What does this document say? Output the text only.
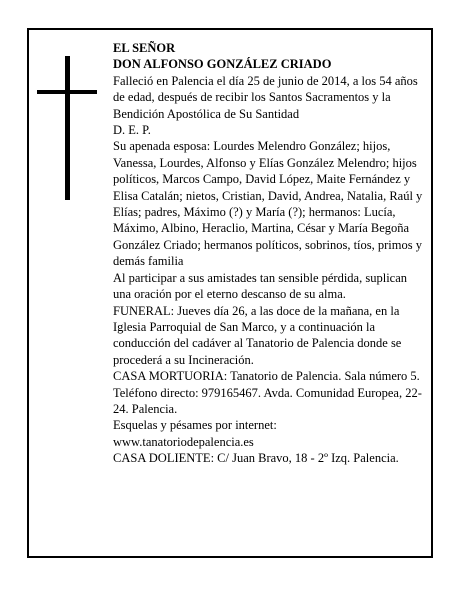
EL SEÑOR

DON ALFONSO GONZÁLEZ CRIADO

Falleció en Palencia el día 25 de junio de 2014, a los 54 años de edad, después de recibir los Santos Sacramentos y la Bendición Apostólica de Su Santidad

D. E. P.

Su apenada esposa: Lourdes Melendro González; hijos, Vanessa, Lourdes, Alfonso y Elías González Melendro; hijos políticos, Marcos Campo, David López, Maite Fernández y Elisa Catalán; nietos, Cristian, David, Andrea, Natalia, Raúl y Elías; padres, Máximo (?) y María (?); hermanos: Lucía, Máximo, Albino, Heraclio, Martina, César y María Begoña González Criado; hermanos políticos, sobrinos, tíos, primos y demás familia

Al participar a sus amistades tan sensible pérdida, suplican una oración por el eterno descanso de su alma.

FUNERAL: Jueves día 26, a las doce de la mañana, en la Iglesia Parroquial de San Marco, y a continuación la conducción del cadáver al Tanatorio de Palencia donde se procederá a su Incineración.

CASA MORTUORIA: Tanatorio de Palencia. Sala número 5. Teléfono directo: 979165467. Avda. Comunidad Europea, 22-24. Palencia.

Esquelas y pésames por internet:

www.tanatoriodepalencia.es

CASA DOLIENTE: C/ Juan Bravo, 18 - 2º Izq. Palencia.
